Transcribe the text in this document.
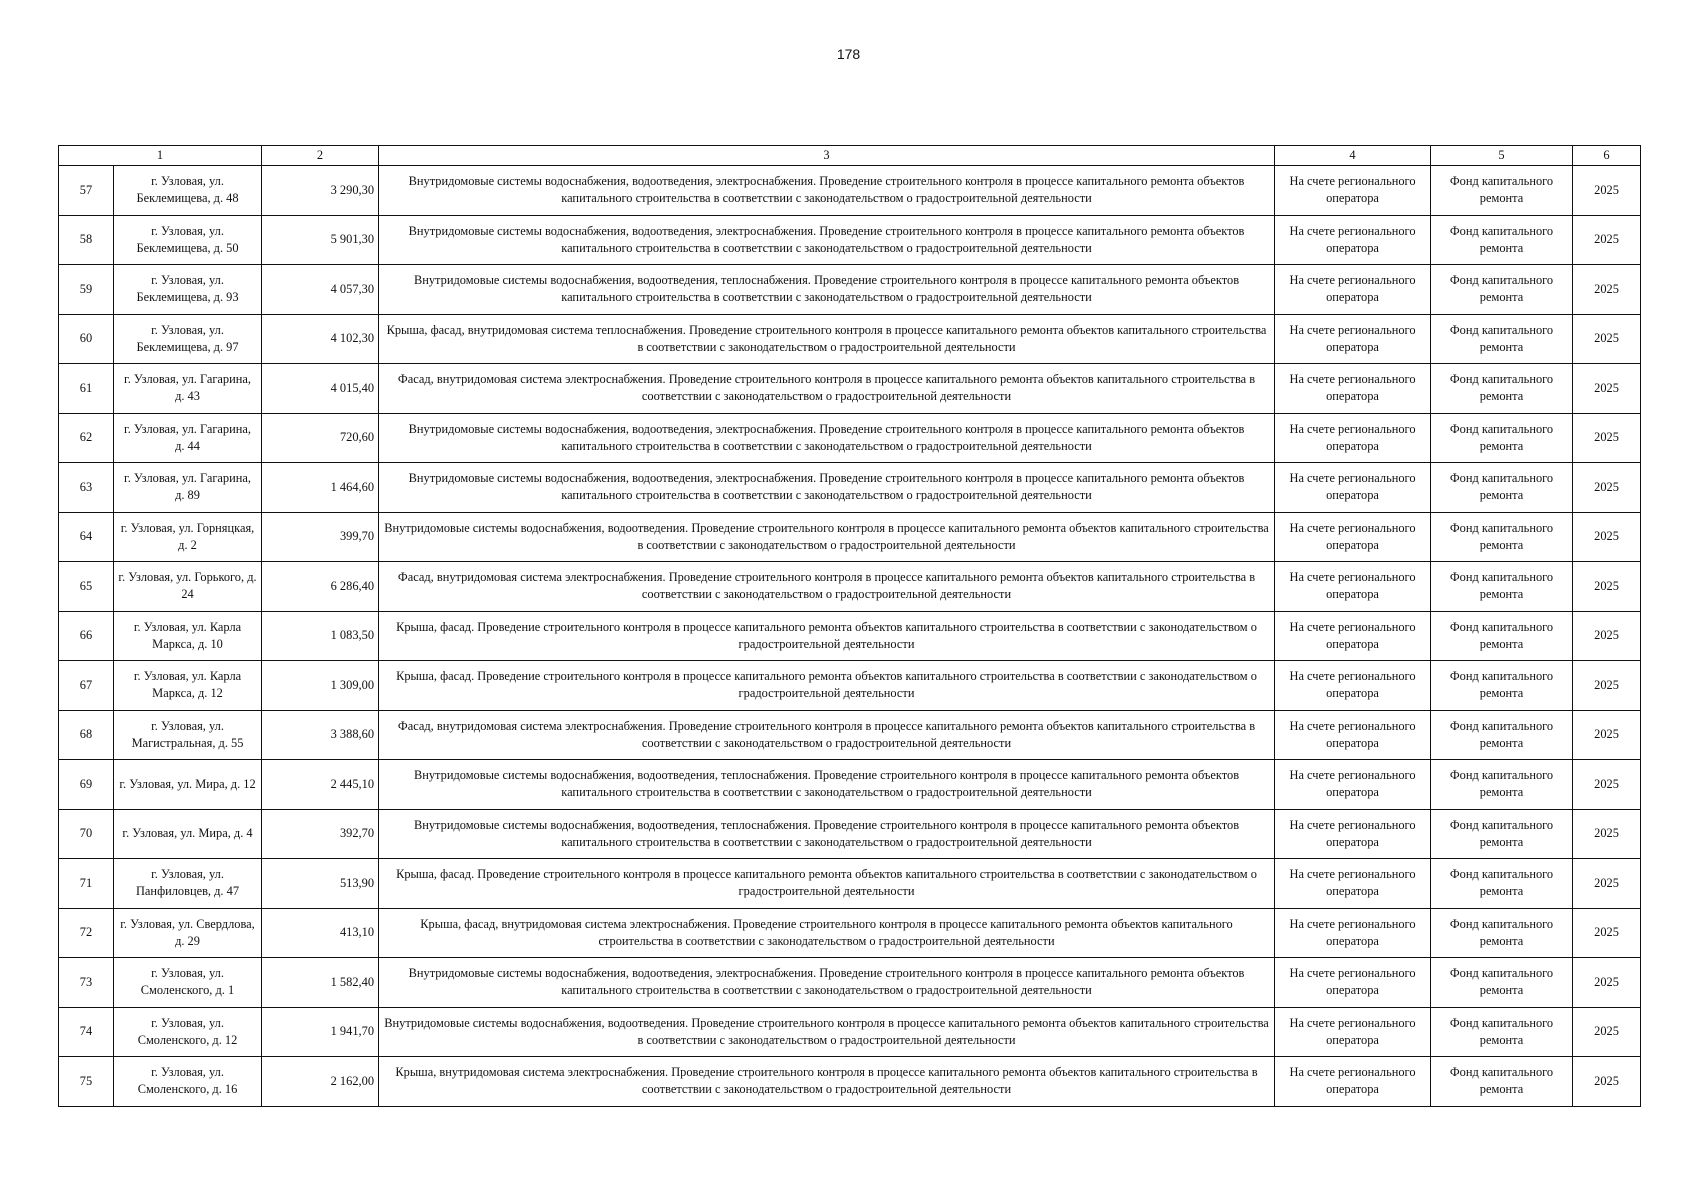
178
1		2	3	4	5	6
57	г. Узловая, ул. Беклемищева, д. 48	3 290,30	Внутридомовые системы водоснабжения, водоотведения, электроснабжения. Проведение строительного контроля в процессе капитального ремонта объектов капитального строительства в соответствии с законодательством о градостроительной деятельности	На счете регионального оператора	Фонд капитального ремонта	2025
58	г. Узловая, ул. Беклемищева, д. 50	5 901,30	Внутридомовые системы водоснабжения, водоотведения, электроснабжения. Проведение строительного контроля в процессе капитального ремонта объектов капитального строительства в соответствии с законодательством о градостроительной деятельности	На счете регионального оператора	Фонд капитального ремонта	2025
59	г. Узловая, ул. Беклемищева, д. 93	4 057,30	Внутридомовые системы водоснабжения, водоотведения, теплоснабжения. Проведение строительного контроля в процессе капитального ремонта объектов капитального строительства в соответствии с законодательством о градостроительной деятельности	На счете регионального оператора	Фонд капитального ремонта	2025
60	г. Узловая, ул. Беклемищева, д. 97	4 102,30	Крыша, фасад, внутридомовая система теплоснабжения. Проведение строительного контроля в процессе капитального ремонта объектов капитального строительства в соответствии с законодательством о градостроительной деятельности	На счете регионального оператора	Фонд капитального ремонта	2025
61	г. Узловая, ул. Гагарина, д. 43	4 015,40	Фасад, внутридомовая система электроснабжения. Проведение строительного контроля в процессе капитального ремонта объектов капитального строительства в соответствии с законодательством о градостроительной деятельности	На счете регионального оператора	Фонд капитального ремонта	2025
62	г. Узловая, ул. Гагарина, д. 44	720,60	Внутридомовые системы водоснабжения, водоотведения, электроснабжения. Проведение строительного контроля в процессе капитального ремонта объектов капитального строительства в соответствии с законодательством о градостроительной деятельности	На счете регионального оператора	Фонд капитального ремонта	2025
63	г. Узловая, ул. Гагарина, д. 89	1 464,60	Внутридомовые системы водоснабжения, водоотведения, электроснабжения. Проведение строительного контроля в процессе капитального ремонта объектов капитального строительства в соответствии с законодательством о градостроительной деятельности	На счете регионального оператора	Фонд капитального ремонта	2025
64	г. Узловая, ул. Горняцкая, д. 2	399,70	Внутридомовые системы водоснабжения, водоотведения. Проведение строительного контроля в процессе капитального ремонта объектов капитального строительства в соответствии с законодательством о градостроительной деятельности	На счете регионального оператора	Фонд капитального ремонта	2025
65	г. Узловая, ул. Горького, д. 24	6 286,40	Фасад, внутридомовая система электроснабжения. Проведение строительного контроля в процессе капитального ремонта объектов капитального строительства в соответствии с законодательством о градостроительной деятельности	На счете регионального оператора	Фонд капитального ремонта	2025
66	г. Узловая, ул. Карла Маркса, д. 10	1 083,50	Крыша, фасад. Проведение строительного контроля в процессе капитального ремонта объектов капитального строительства в соответствии с законодательством о градостроительной деятельности	На счете регионального оператора	Фонд капитального ремонта	2025
67	г. Узловая, ул. Карла Маркса, д. 12	1 309,00	Крыша, фасад. Проведение строительного контроля в процессе капитального ремонта объектов капитального строительства в соответствии с законодательством о градостроительной деятельности	На счете регионального оператора	Фонд капитального ремонта	2025
68	г. Узловая, ул. Магистральная, д. 55	3 388,60	Фасад, внутридомовая система электроснабжения. Проведение строительного контроля в процессе капитального ремонта объектов капитального строительства в соответствии с законодательством о градостроительной деятельности	На счете регионального оператора	Фонд капитального ремонта	2025
69	г. Узловая, ул. Мира, д. 12	2 445,10	Внутридомовые системы водоснабжения, водоотведения, теплоснабжения. Проведение строительного контроля в процессе капитального ремонта объектов капитального строительства в соответствии с законодательством о градостроительной деятельности	На счете регионального оператора	Фонд капитального ремонта	2025
70	г. Узловая, ул. Мира, д. 4	392,70	Внутридомовые системы водоснабжения, водоотведения, теплоснабжения. Проведение строительного контроля в процессе капитального ремонта объектов капитального строительства в соответствии с законодательством о градостроительной деятельности	На счете регионального оператора	Фонд капитального ремонта	2025
71	г. Узловая, ул. Панфиловцев, д. 47	513,90	Крыша, фасад. Проведение строительного контроля в процессе капитального ремонта объектов капитального строительства в соответствии с законодательством о градостроительной деятельности	На счете регионального оператора	Фонд капитального ремонта	2025
72	г. Узловая, ул. Свердлова, д. 29	413,10	Крыша, фасад, внутридомовая система электроснабжения. Проведение строительного контроля в процессе капитального ремонта объектов капитального строительства в соответствии с законодательством о градостроительной деятельности	На счете регионального оператора	Фонд капитального ремонта	2025
73	г. Узловая, ул. Смоленского, д. 1	1 582,40	Внутридомовые системы водоснабжения, водоотведения, электроснабжения. Проведение строительного контроля в процессе капитального ремонта объектов капитального строительства в соответствии с законодательством о градостроительной деятельности	На счете регионального оператора	Фонд капитального ремонта	2025
74	г. Узловая, ул. Смоленского, д. 12	1 941,70	Внутридомовые системы водоснабжения, водоотведения. Проведение строительного контроля в процессе капитального ремонта объектов капитального строительства в соответствии с законодательством о градостроительной деятельности	На счете регионального оператора	Фонд капитального ремонта	2025
75	г. Узловая, ул. Смоленского, д. 16	2 162,00	Крыша, внутридомовая система электроснабжения. Проведение строительного контроля в процессе капитального ремонта объектов капитального строительства в соответствии с законодательством о градостроительной деятельности	На счете регионального оператора	Фонд капитального ремонта	2025
